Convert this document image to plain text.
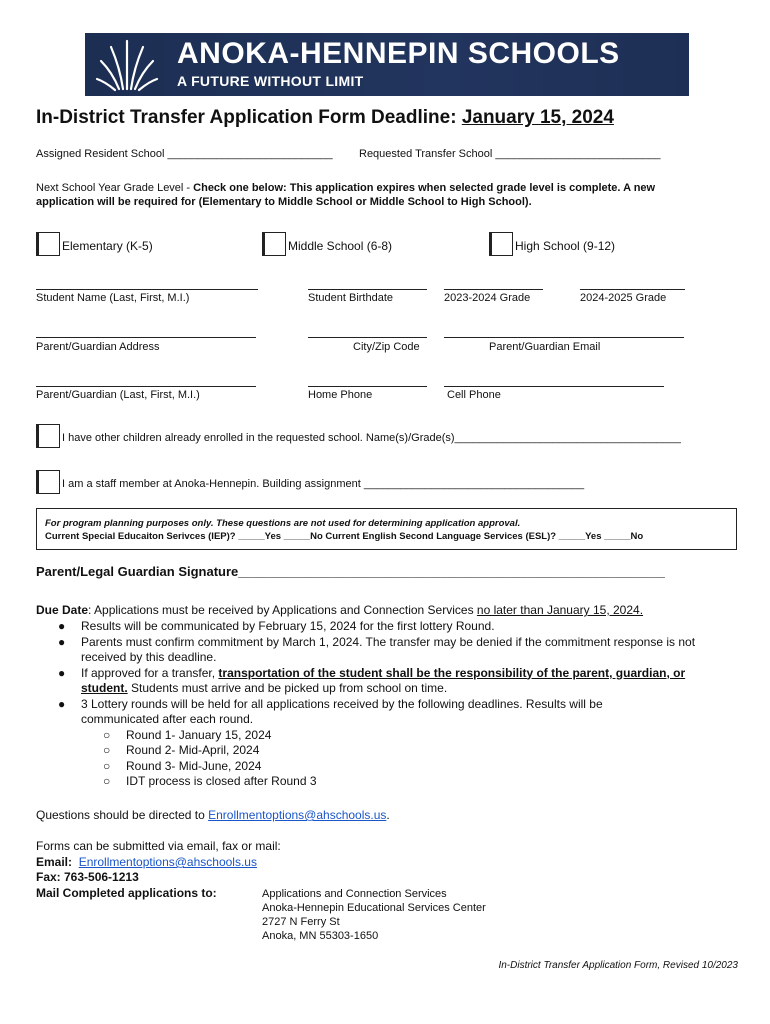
ANOKA-HENNEPIN SCHOOLS
A FUTURE WITHOUT LIMIT
In-District Transfer Application Form Deadline: January 15, 2024
Assigned Resident School ___________________________ Requested Transfer School ___________________________
Next School Year Grade Level - Check one below: This application expires when selected grade level is complete. A new
application will be required for (Elementary to Middle School or Middle School to High School).
Elementary (K-5)	Middle School (6-8)	High School (9-12)
Student Name (Last, First, M.I.)	Student Birthdate	2023-2024 Grade	2024-2025 Grade
Parent/Guardian Address	City/Zip Code	Parent/Guardian Email
Parent/Guardian (Last, First, M.I.)	Home Phone	Cell Phone
I have other children already enrolled in the requested school. Name(s)/Grade(s)_____________________________________
I am a staff member at Anoka-Hennepin. Building assignment ____________________________________
For program planning purposes only. These questions are not used for determining application approval.
Current Special Educaiton Serivces (IEP)? _____Yes _____No Current English Second Language Services (ESL)? _____Yes _____No
Parent/Legal Guardian Signature___________________________________________________________
Due Date: Applications must be received by Applications and Connection Services no later than January 15, 2024.
● Results will be communicated by February 15, 2024 for the first lottery Round.
● Parents must confirm commitment by March 1, 2024. The transfer may be denied if the commitment response is not
received by this deadline.
● If approved for a transfer, transportation of the student shall be the responsibility of the parent, guardian, or
student. Students must arrive and be picked up from school on time.
● 3 Lottery rounds will be held for all applications received by the following deadlines. Results will be
communicated after each round.
○ Round 1- January 15, 2024
○ Round 2- Mid-April, 2024
○ Round 3- Mid-June, 2024
○ IDT process is closed after Round 3
Questions should be directed to Enrollmentoptions@ahschools.us.
Forms can be submitted via email, fax or mail:
Email: Enrollmentoptions@ahschools.us
Fax: 763-506-1213
Mail Completed applications to:	Applications and Connection Services
Anoka-Hennepin Educational Services Center
2727 N Ferry St
Anoka, MN 55303-1650
In-District Transfer Application Form, Revised 10/2023
